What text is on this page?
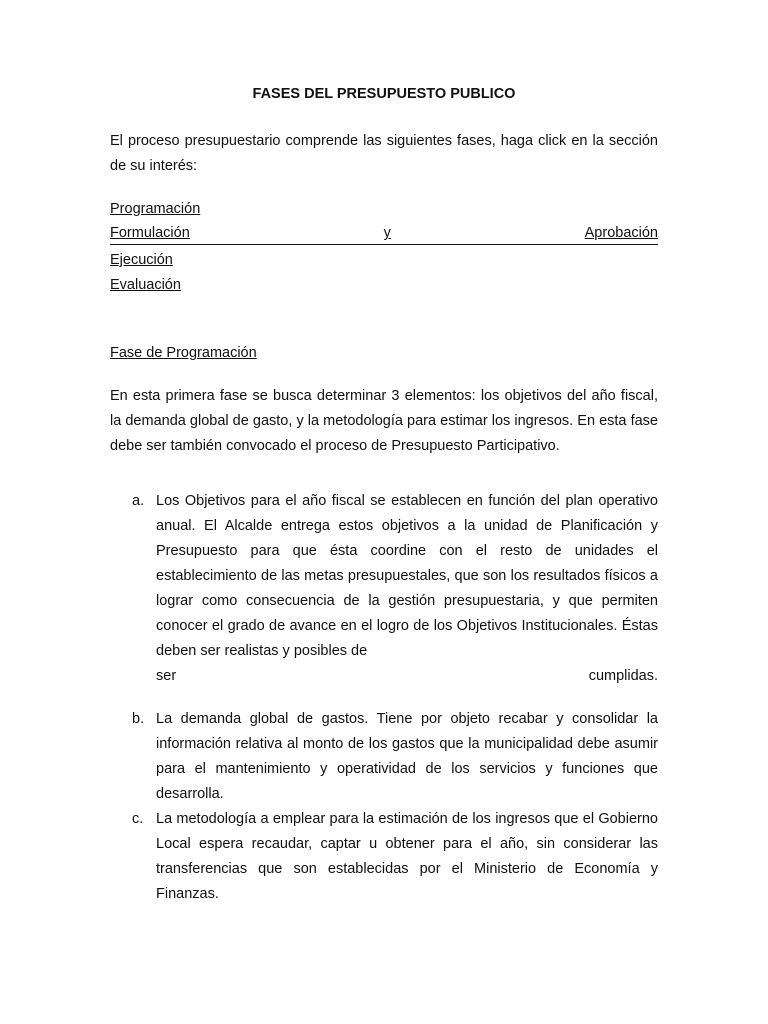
FASES DEL PRESUPUESTO PUBLICO

El proceso presupuestario comprende las siguientes fases, haga click en la sección de su interés:

Programación
Formulación	y	Aprobación
Ejecución
Evaluación
Fase de Programación

En esta primera fase se busca determinar 3 elementos: los objetivos del año fiscal, la demanda global de gasto, y la metodología para estimar los ingresos. En esta fase debe ser también convocado el proceso de Presupuesto Participativo.

a. Los Objetivos para el año fiscal se establecen en función del plan operativo anual. El Alcalde entrega estos objetivos a la unidad de Planificación y Presupuesto para que ésta coordine con el resto de unidades el establecimiento de las metas presupuestales, que son los resultados físicos a lograr como consecuencia de la gestión presupuestaria, y que permiten conocer el grado de avance en el logro de los Objetivos Institucionales. Éstas deben ser realistas y posibles de
ser	cumplidas.
b. La demanda global de gastos. Tiene por objeto recabar y consolidar la información relativa al monto de los gastos que la municipalidad debe asumir para el mantenimiento y operatividad de los servicios y funciones que desarrolla.
c. La metodología a emplear para la estimación de los ingresos que el Gobierno Local espera recaudar, captar u obtener para el año, sin considerar las transferencias que son establecidas por el Ministerio de Economía y Finanzas.
